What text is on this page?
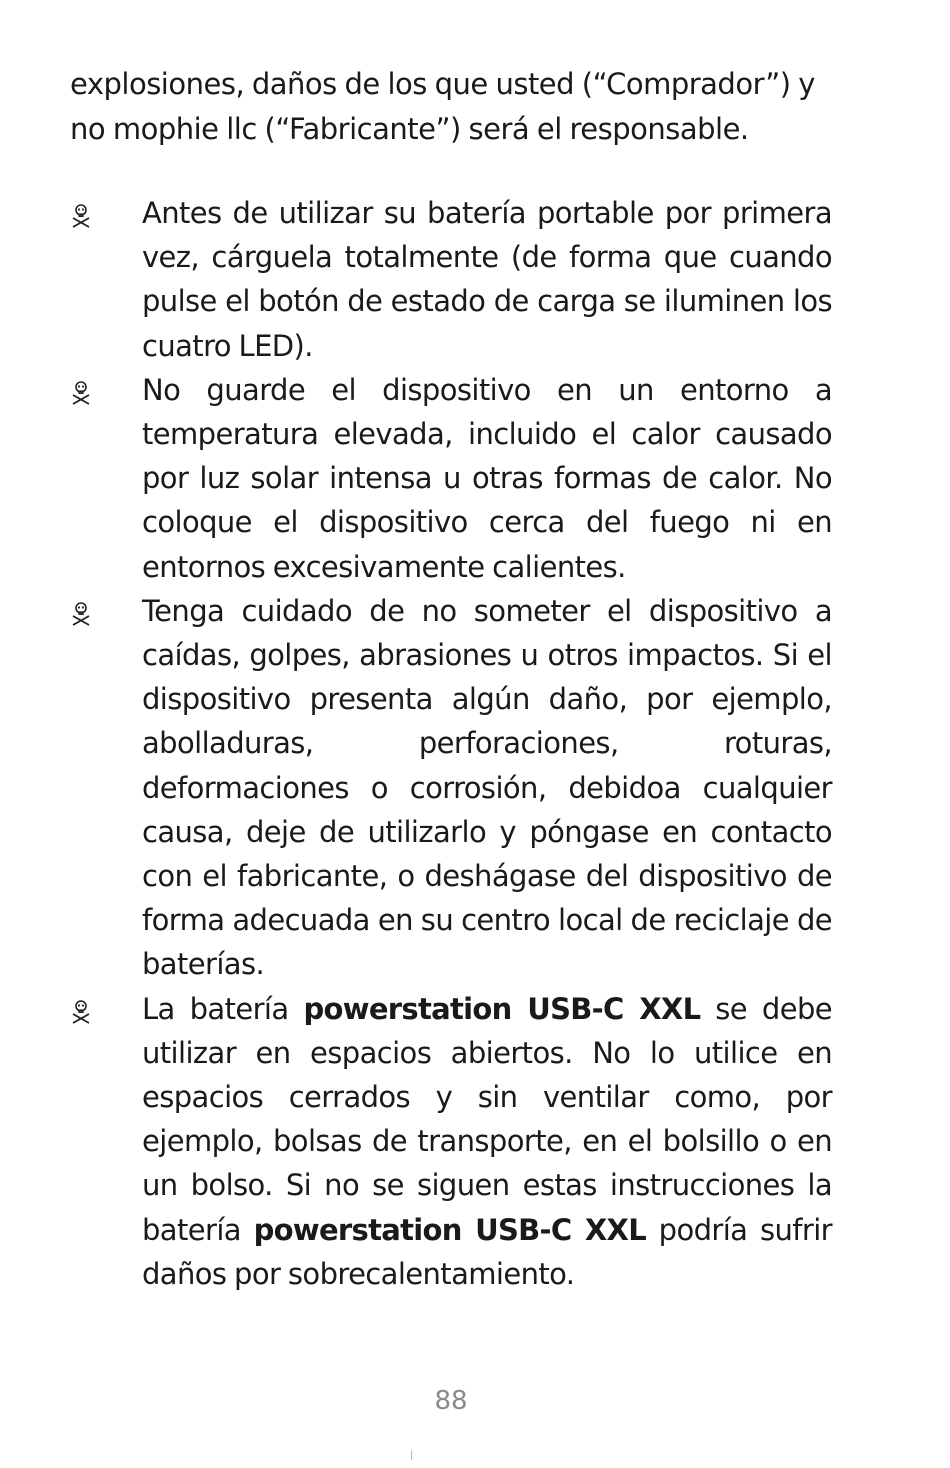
explosiones, daños de los que usted (“Comprador”) y no mophie llc (“Fabricante”) será el responsable.

Antes de utilizar su batería portable por primera vez, cárguela totalmente (de forma que cuando pulse el botón de estado de carga se iluminen los cuatro LED).
No guarde el dispositivo en un entorno a temperatura elevada, incluido el calor causado por luz solar intensa u otras formas de calor. No coloque el dispositivo cerca del fuego ni en entornos excesivamente calientes.
Tenga cuidado de no someter el dispositivo a caídas, golpes, abrasiones u otros impactos. Si el dispositivo presenta algún daño, por ejemplo, abolladuras, perforaciones, roturas, deformaciones o corrosión, debidoa cualquier causa, deje de utilizarlo y póngase en contacto con el fabricante, o deshágase del dispositivo de forma adecuada en su centro local de reciclaje de baterías.
La batería powerstation USB-C XXL se debe utilizar en espacios abiertos. No lo utilice en espacios cerrados y sin ventilar como, por ejemplo, bolsas de transporte, en el bolsillo o en un bolso. Si no se siguen estas instrucciones la batería powerstation USB-C XXL podría sufrir daños por sobrecalentamiento.
88
